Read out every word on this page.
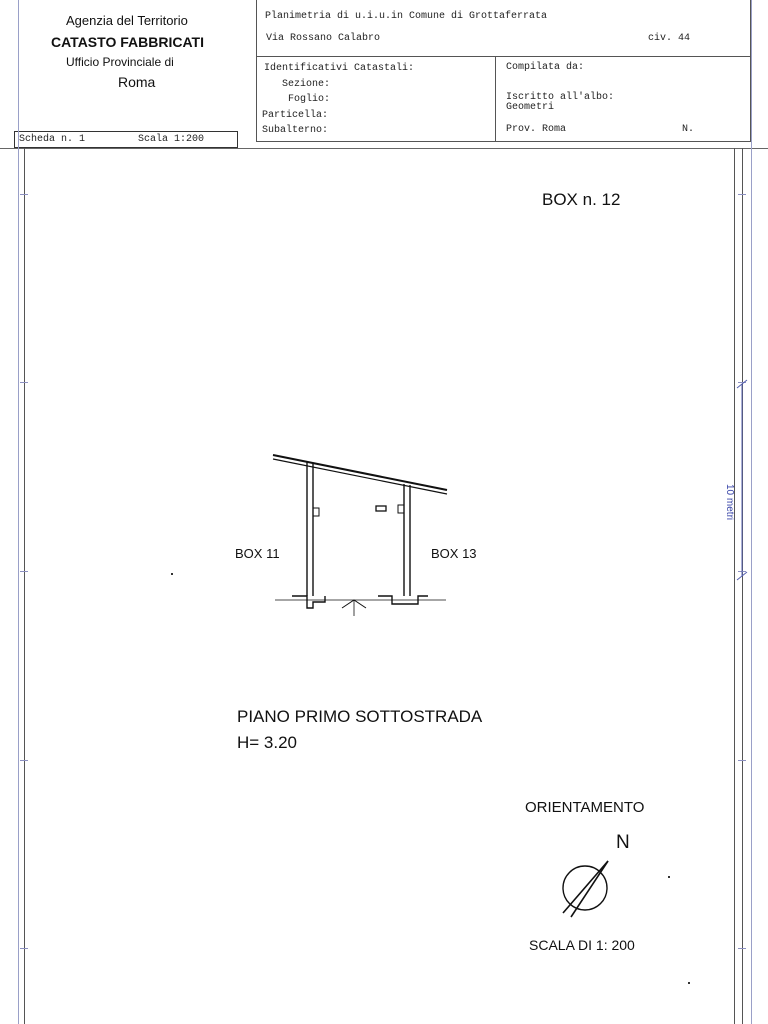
Agenzia del Territorio
CATASTO FABBRICATI
Ufficio Provinciale di
Roma
Scheda n. 1	Scala 1:200
Planimetria di u.i.u.in Comune di Grottaferrata
Via Rossano Calabro	civ. 44
Identificativi Catastali:
Sezione:
Foglio:
Particella:
Subalterno:
Compilata da:
Iscritto all'albo:
Geometri
Prov. Roma	N.
10 metri
BOX n. 12
BOX 11	BOX 13
PIANO PRIMO SOTTOSTRADA
H= 3.20
ORIENTAMENTO
N
SCALA DI 1: 200
